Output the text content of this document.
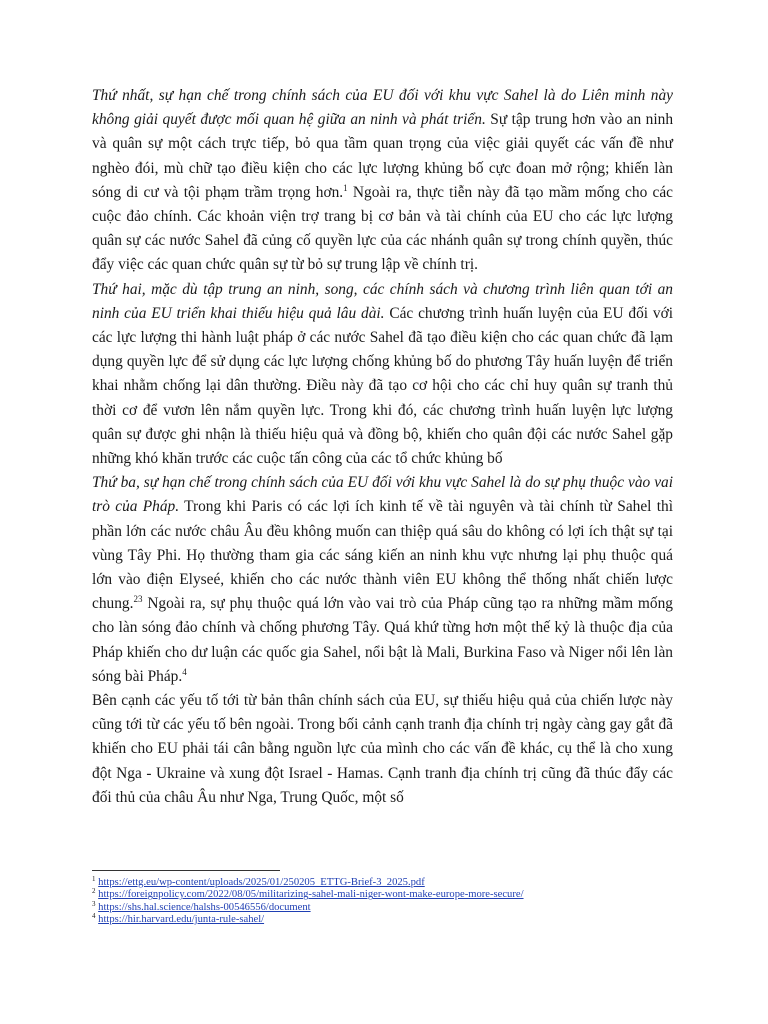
Thứ nhất, sự hạn chế trong chính sách của EU đối với khu vực Sahel là do Liên minh này không giải quyết được mối quan hệ giữa an ninh và phát triển. Sự tập trung hơn vào an ninh và quân sự một cách trực tiếp, bỏ qua tầm quan trọng của việc giải quyết các vấn đề như nghèo đói, mù chữ tạo điều kiện cho các lực lượng khủng bố cực đoan mở rộng; khiến làn sóng di cư và tội phạm trầm trọng hơn.$^1$ Ngoài ra, thực tiễn này đã tạo mầm mống cho các cuộc đảo chính. Các khoản viện trợ trang bị cơ bản và tài chính của EU cho các lực lượng quân sự các nước Sahel đã củng cố quyền lực của các nhánh quân sự trong chính quyền, thúc đẩy việc các quan chức quân sự từ bỏ sự trung lập về chính trị.

Thứ hai, mặc dù tập trung an ninh, song, các chính sách và chương trình liên quan tới an ninh của EU triển khai thiếu hiệu quả lâu dài. Các chương trình huấn luyện của EU đối với các lực lượng thi hành luật pháp ở các nước Sahel đã tạo điều kiện cho các quan chức đã lạm dụng quyền lực để sử dụng các lực lượng chống khủng bố do phương Tây huấn luyện để triển khai nhằm chống lại dân thường. Điều này đã tạo cơ hội cho các chỉ huy quân sự tranh thủ thời cơ để vươn lên nắm quyền lực. Trong khi đó, các chương trình huấn luyện lực lượng quân sự được ghi nhận là thiếu hiệu quả và đồng bộ, khiến cho quân đội các nước Sahel gặp những khó khăn trước các cuộc tấn công của các tổ chức khủng bố

Thứ ba, sự hạn chế trong chính sách của EU đối với khu vực Sahel là do sự phụ thuộc vào vai trò của Pháp. Trong khi Paris có các lợi ích kinh tế về tài nguyên và tài chính từ Sahel thì phần lớn các nước châu Âu đều không muốn can thiệp quá sâu do không có lợi ích thật sự tại vùng Tây Phi. Họ thường tham gia các sáng kiến an ninh khu vực nhưng lại phụ thuộc quá lớn vào điện Elyseé, khiến cho các nước thành viên EU không thể thống nhất chiến lược chung.$^{23}$ Ngoài ra, sự phụ thuộc quá lớn vào vai trò của Pháp cũng tạo ra những mầm mống cho làn sóng đảo chính và chống phương Tây. Quá khứ từng hơn một thế kỷ là thuộc địa của Pháp khiến cho dư luận các quốc gia Sahel, nổi bật là Mali, Burkina Faso và Niger nổi lên làn sóng bài Pháp.$^4$

Bên cạnh các yếu tố tới từ bản thân chính sách của EU, sự thiếu hiệu quả của chiến lược này cũng tới từ các yếu tố bên ngoài. Trong bối cảnh cạnh tranh địa chính trị ngày càng gay gắt đã khiến cho EU phải tái cân bằng nguồn lực của mình cho các vấn đề khác, cụ thể là cho xung đột Nga - Ukraine và xung đột Israel - Hamas. Cạnh tranh địa chính trị cũng đã thúc đẩy các đối thủ của châu Âu như Nga, Trung Quốc, một số

$^1$ https://ettg.eu/wp-content/uploads/2025/01/250205_ETTG-Brief-3_2025.pdf

$^2$ https://foreignpolicy.com/2022/08/05/militarizing-sahel-mali-niger-wont-make-europe-more-secure/

$^3$ https://shs.hal.science/halshs-00546556/document

$^4$ https://hir.harvard.edu/junta-rule-sahel/
